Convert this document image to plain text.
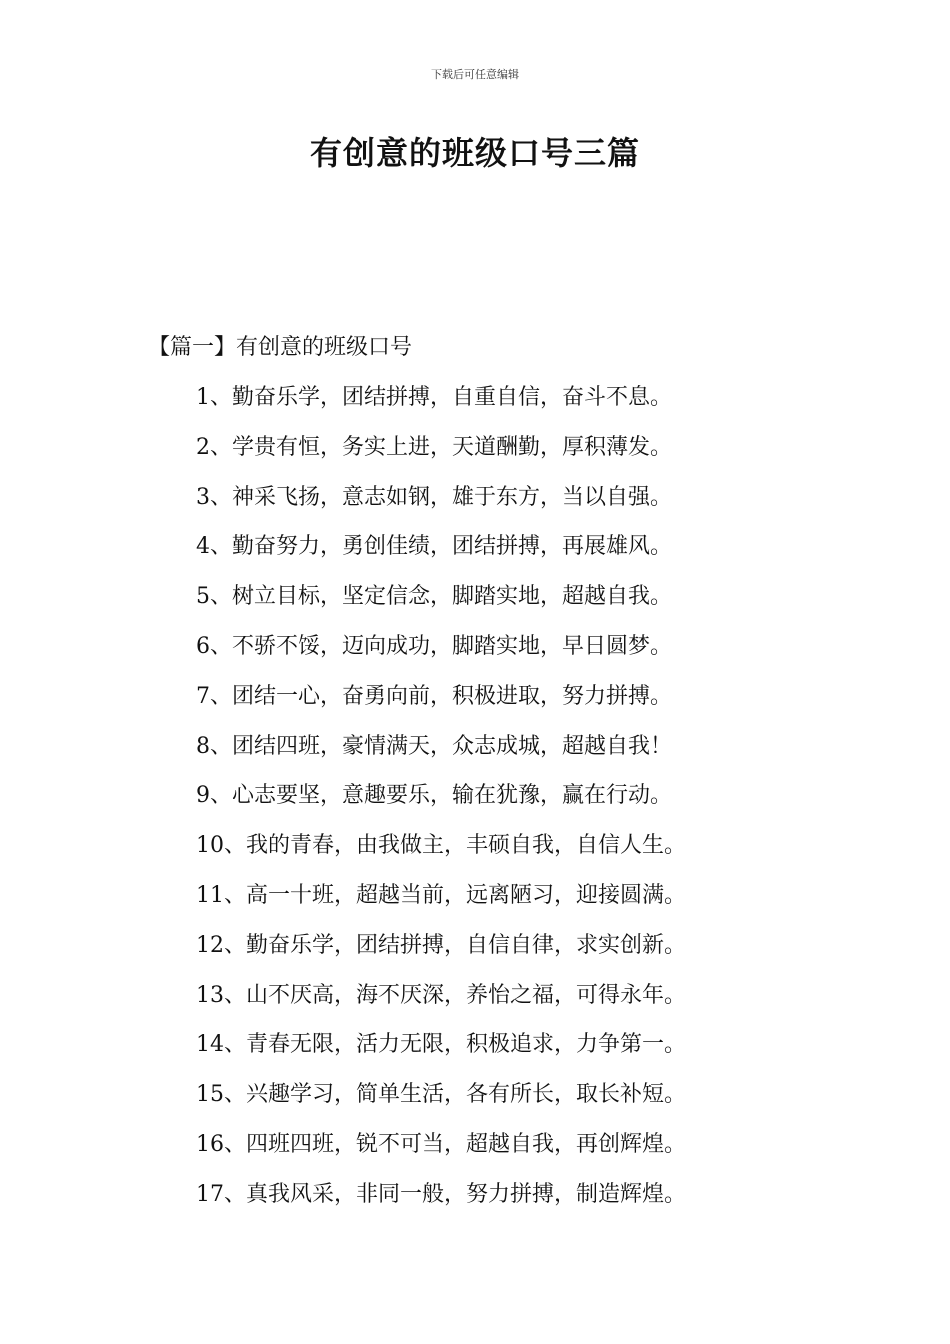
下载后可任意编辑
有创意的班级口号三篇
【篇一】有创意的班级口号
1、勤奋乐学，团结拼搏，自重自信，奋斗不息。
2、学贵有恒，务实上进，天道酬勤，厚积薄发。
3、神采飞扬，意志如钢，雄于东方，当以自强。
4、勤奋努力，勇创佳绩，团结拼搏，再展雄风。
5、树立目标，坚定信念，脚踏实地，超越自我。
6、不骄不馁，迈向成功，脚踏实地，早日圆梦。
7、团结一心，奋勇向前，积极进取，努力拼搏。
8、团结四班，豪情满天，众志成城，超越自我！
9、心志要坚，意趣要乐，输在犹豫，赢在行动。
10、我的青春，由我做主，丰硕自我，自信人生。
11、高一十班，超越当前，远离陋习，迎接圆满。
12、勤奋乐学，团结拼搏，自信自律，求实创新。
13、山不厌高，海不厌深，养怡之福，可得永年。
14、青春无限，活力无限，积极追求，力争第一。
15、兴趣学习，简单生活，各有所长，取长补短。
16、四班四班，锐不可当，超越自我，再创辉煌。
17、真我风采，非同一般，努力拼搏，制造辉煌。
